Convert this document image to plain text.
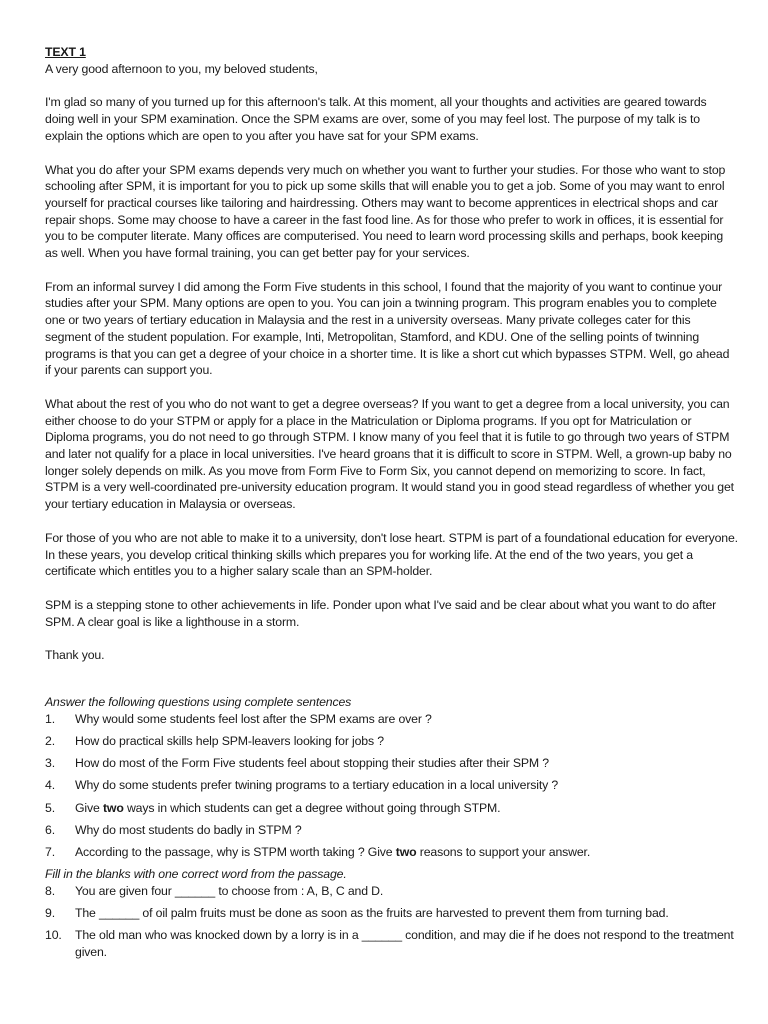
TEXT 1

A very good afternoon to you, my beloved students,

I'm glad so many of you turned up for this afternoon's talk. At this moment, all your thoughts and activities are geared towards doing well in your SPM examination. Once the SPM exams are over, some of you may feel lost. The purpose of my talk is to explain the options which are open to you after you have sat for your SPM exams.

What you do after your SPM exams depends very much on whether you want to further your studies. For those who want to stop schooling after SPM, it is important for you to pick up some skills that will enable you to get a job. Some of you may want to enrol yourself for practical courses like tailoring and hairdressing. Others may want to become apprentices in electrical shops and car repair shops. Some may choose to have a career in the fast food line. As for those who prefer to work in offices, it is essential for you to be computer literate. Many offices are computerised. You need to learn word processing skills and perhaps, book keeping as well. When you have formal training, you can get better pay for your services.

From an informal survey I did among the Form Five students in this school, I found that the majority of you want to continue your studies after your SPM. Many options are open to you. You can join a twinning program. This program enables you to complete one or two years of tertiary education in Malaysia and the rest in a university overseas. Many private colleges cater for this segment of the student population. For example, Inti, Metropolitan, Stamford, and KDU. One of the selling points of twinning programs is that you can get a degree of your choice in a shorter time. It is like a short cut which bypasses STPM. Well, go ahead if your parents can support you.

What about the rest of you who do not want to get a degree overseas? If you want to get a degree from a local university, you can either choose to do your STPM or apply for a place in the Matriculation or Diploma programs. If you opt for Matriculation or Diploma programs, you do not need to go through STPM. I know many of you feel that it is futile to go through two years of STPM and later not qualify for a place in local universities. I've heard groans that it is difficult to score in STPM. Well, a grown-up baby no longer solely depends on milk. As you move from Form Five to Form Six, you cannot depend on memorizing to score. In fact, STPM is a very well-coordinated pre-university education program. It would stand you in good stead regardless of whether you get your tertiary education in Malaysia or overseas.

For those of you who are not able to make it to a university, don't lose heart. STPM is part of a foundational education for everyone. In these years, you develop critical thinking skills which prepares you for working life. At the end of the two years, you get a certificate which entitles you to a higher salary scale than an SPM-holder.

SPM is a stepping stone to other achievements in life. Ponder upon what I've said and be clear about what you want to do after SPM. A clear goal is like a lighthouse in a storm.

Thank you.

Answer the following questions using complete sentences

1.	Why would some students feel lost after the SPM exams are over ?
2.	How do practical skills help SPM-leavers looking for jobs ?
3.	How do most of the Form Five students feel about stopping their studies after their SPM ?
4.	Why do some students prefer twining programs to a tertiary education in a local university ?
5.	Give two ways in which students can get a degree without going through STPM.
6.	Why do most students do badly in STPM ?
7.	According to the passage, why is STPM worth taking ? Give two reasons to support your answer.

Fill in the blanks with one correct word from the passage.

8.	You are given four ______ to choose from : A, B, C and D.
9.	The ______ of oil palm fruits must be done as soon as the fruits are harvested to prevent them from turning bad.
10.	The old man who was knocked down by a lorry is in a ______ condition, and may die if he does not respond to the treatment given.
